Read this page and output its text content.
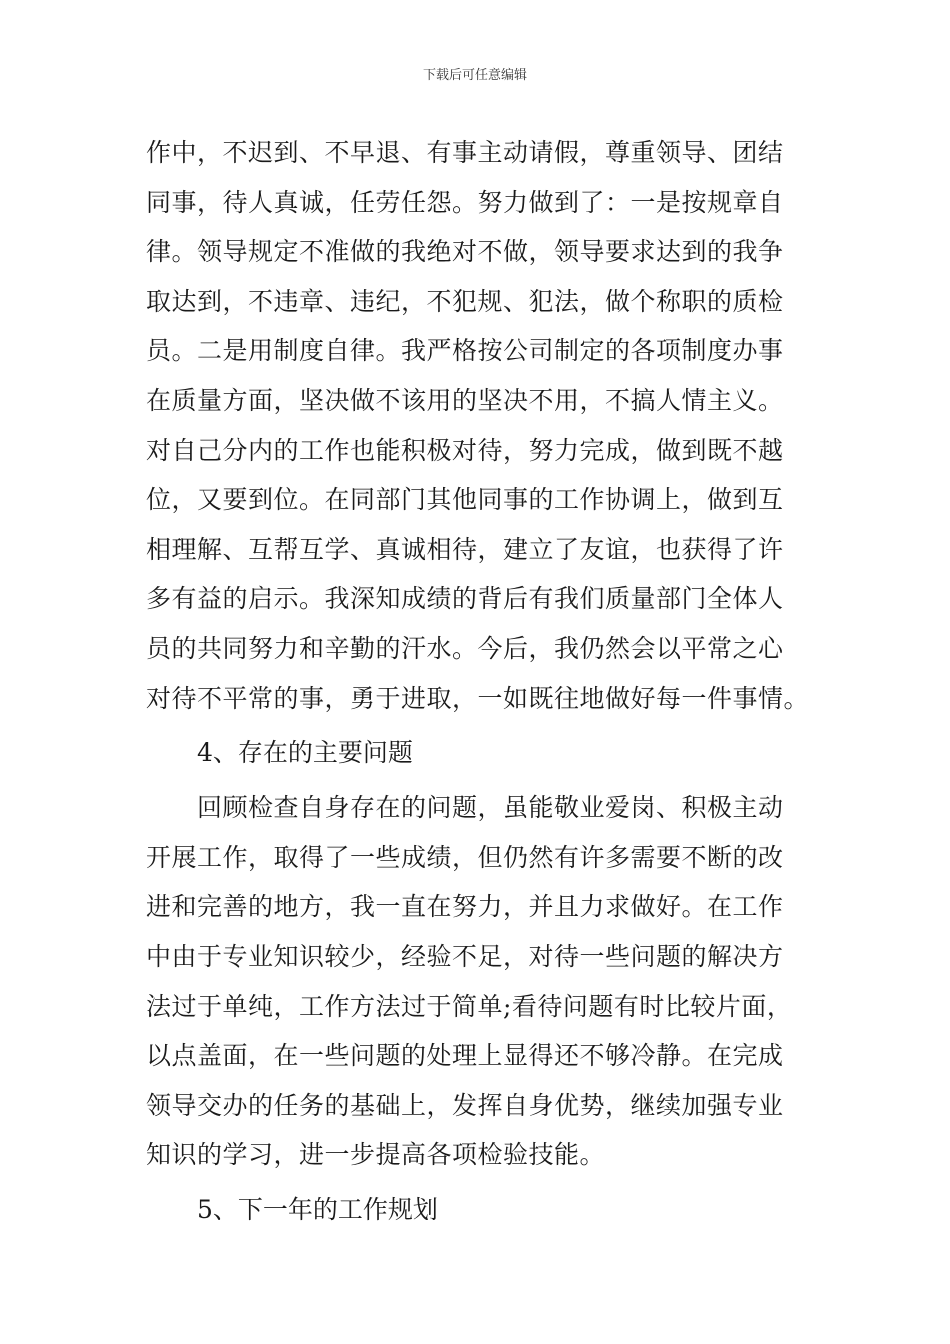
下载后可任意编辑
作中，不迟到、不早退、有事主动请假，尊重领导、团结
同事，待人真诚，任劳任怨。努力做到了：一是按规章自
律。领导规定不准做的我绝对不做，领导要求达到的我争
取达到，不违章、违纪，不犯规、犯法，做个称职的质检
员。二是用制度自律。我严格按公司制定的各项制度办事
在质量方面，坚决做不该用的坚决不用，不搞人情主义。
对自己分内的工作也能积极对待，努力完成，做到既不越
位，又要到位。在同部门其他同事的工作协调上，做到互
相理解、互帮互学、真诚相待，建立了友谊，也获得了许
多有益的启示。我深知成绩的背后有我们质量部门全体人
员的共同努力和辛勤的汗水。今后，我仍然会以平常之心
对待不平常的事，勇于进取，一如既往地做好每一件事情。
4、存在的主要问题
回顾检查自身存在的问题，虽能敬业爱岗、积极主动
开展工作，取得了一些成绩，但仍然有许多需要不断的改
进和完善的地方，我一直在努力，并且力求做好。在工作
中由于专业知识较少，经验不足，对待一些问题的解决方
法过于单纯，工作方法过于简单;看待问题有时比较片面，
以点盖面，在一些问题的处理上显得还不够冷静。在完成
领导交办的任务的基础上，发挥自身优势，继续加强专业
知识的学习，进一步提高各项检验技能。
5、下一年的工作规划
